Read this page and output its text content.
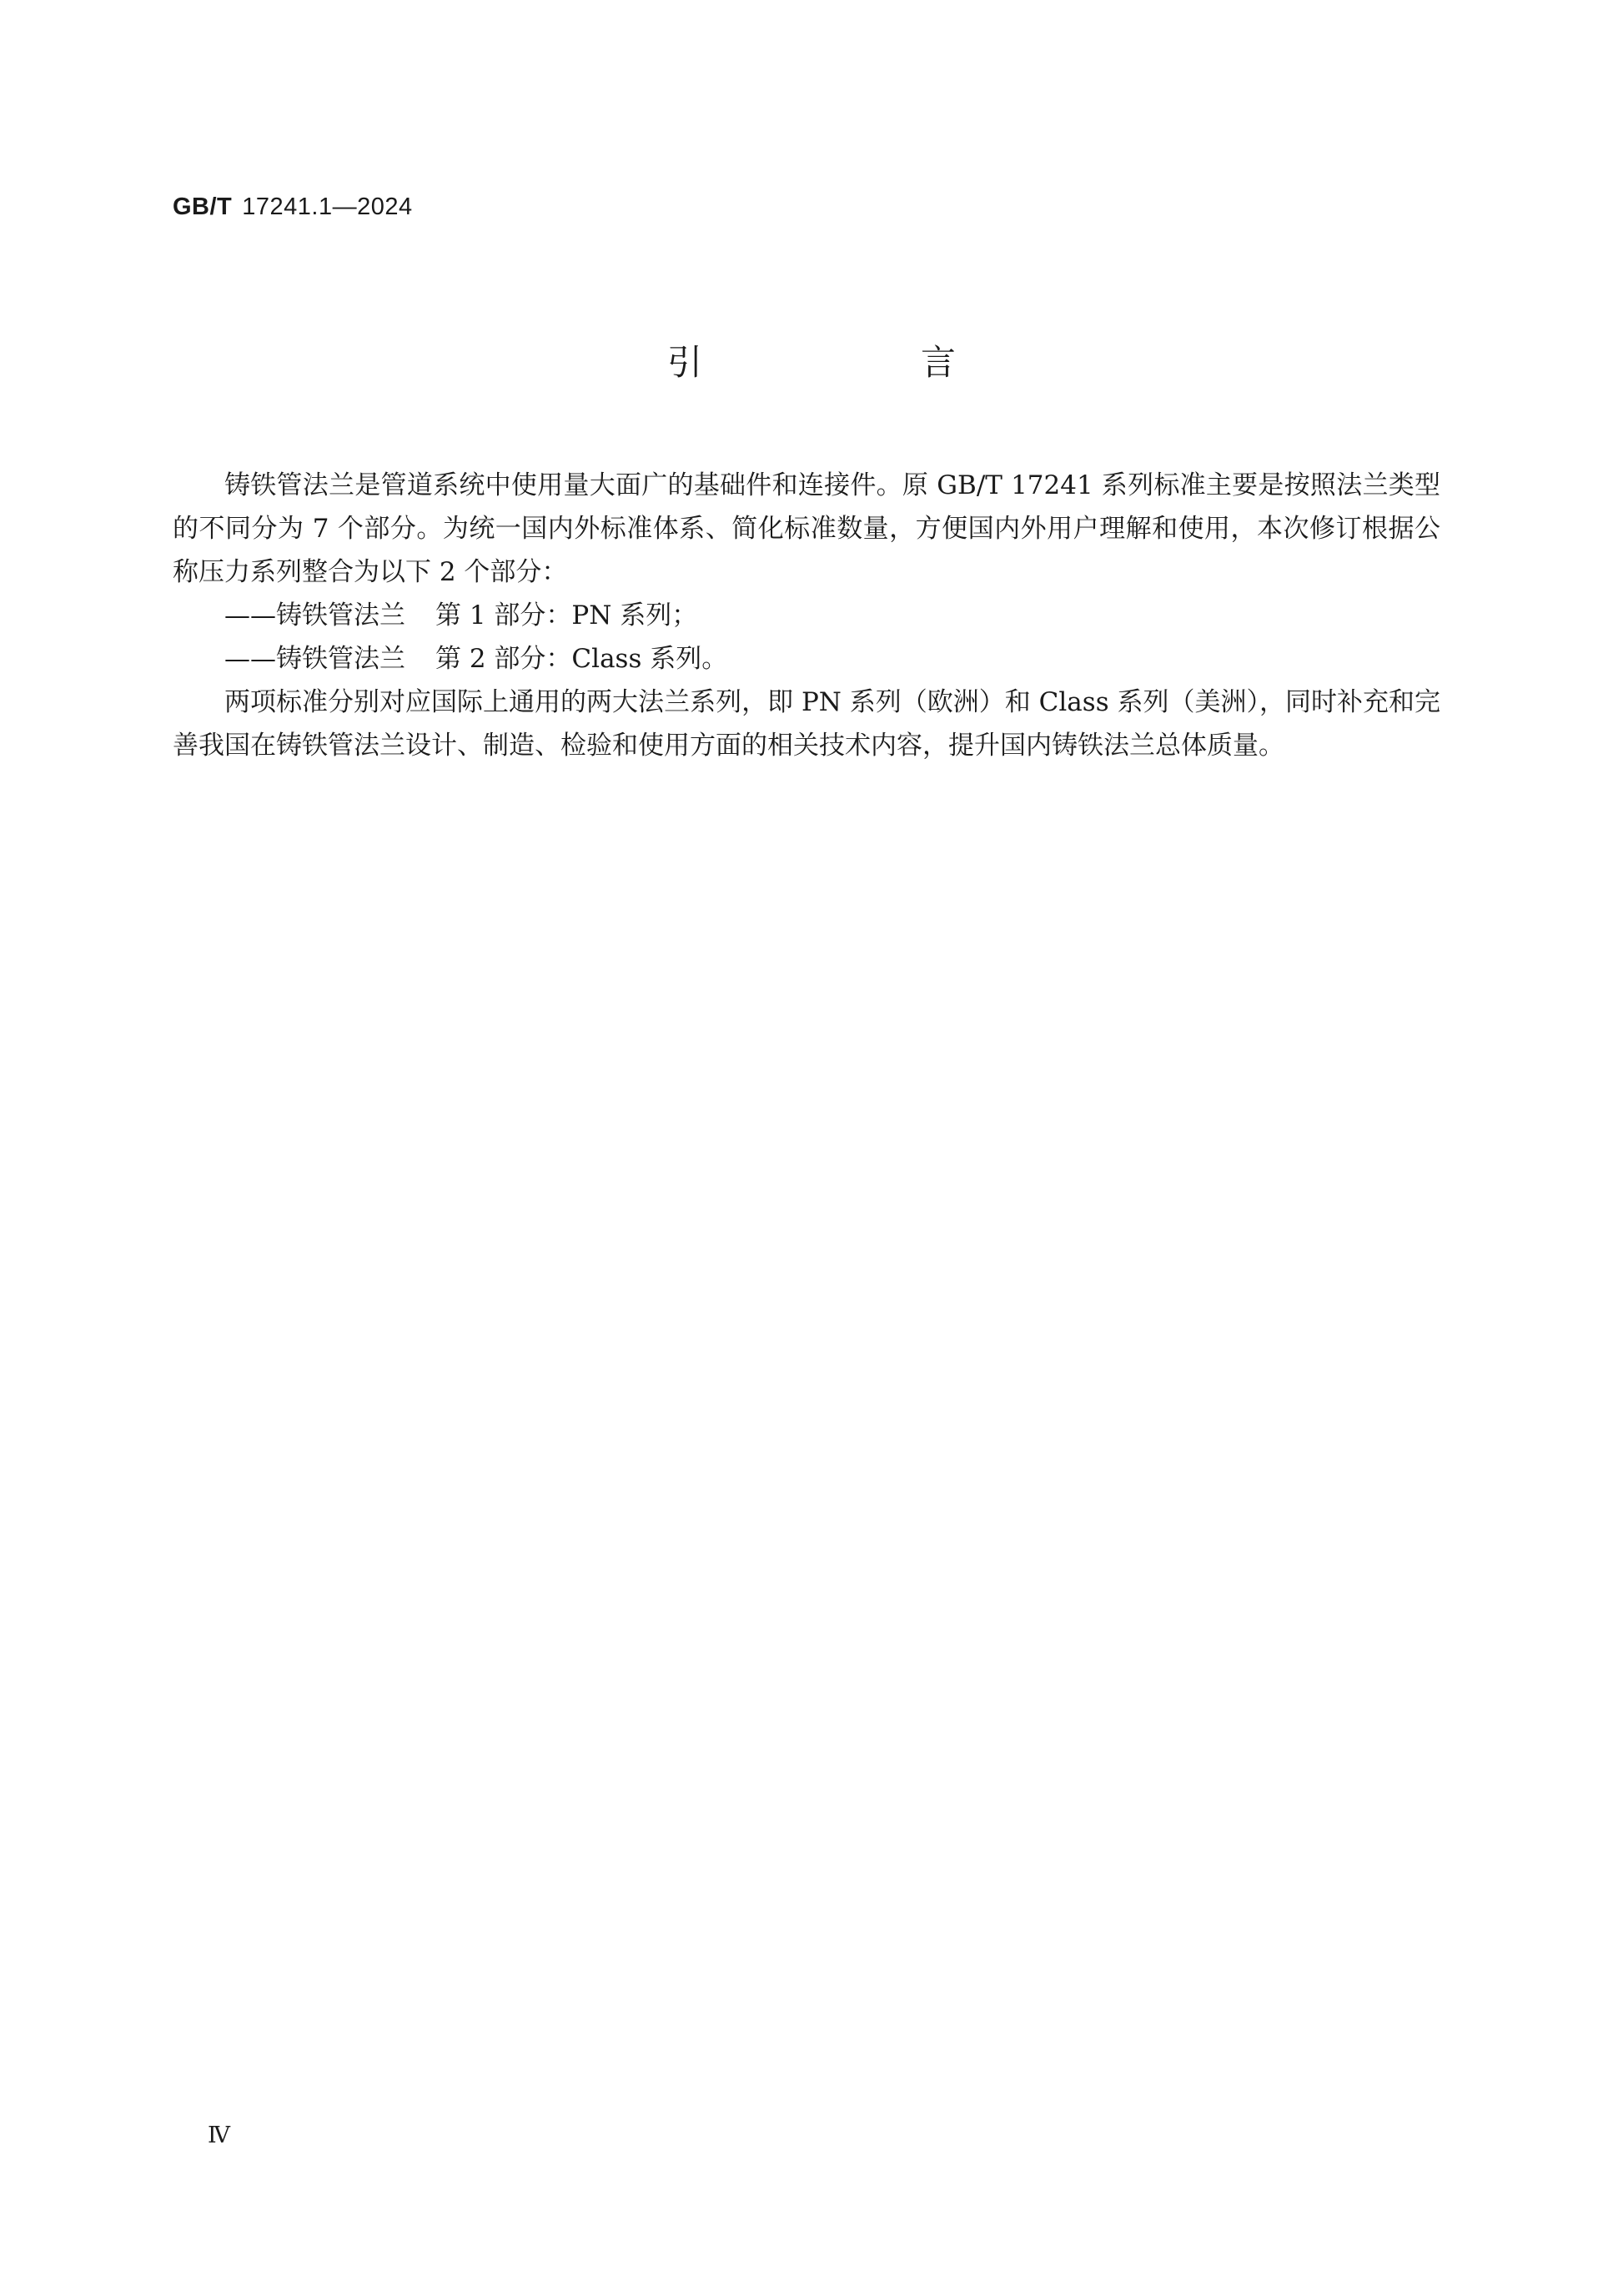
GB/T 17241.1—2024
引　言

铸铁管法兰是管道系统中使用量大面广的基础件和连接件。原 GB/T 17241 系列标准主要是按照法兰类型的不同分为 7 个部分。为统一国内外标准体系、简化标准数量，方便国内外用户理解和使用，本次修订根据公称压力系列整合为以下 2 个部分：

——铸铁管法兰 第 1 部分：PN 系列；
——铸铁管法兰 第 2 部分：Class 系列。

两项标准分别对应国际上通用的两大法兰系列，即 PN 系列（欧洲）和 Class 系列（美洲），同时补充和完善我国在铸铁管法兰设计、制造、检验和使用方面的相关技术内容，提升国内铸铁法兰总体质量。

Ⅳ
